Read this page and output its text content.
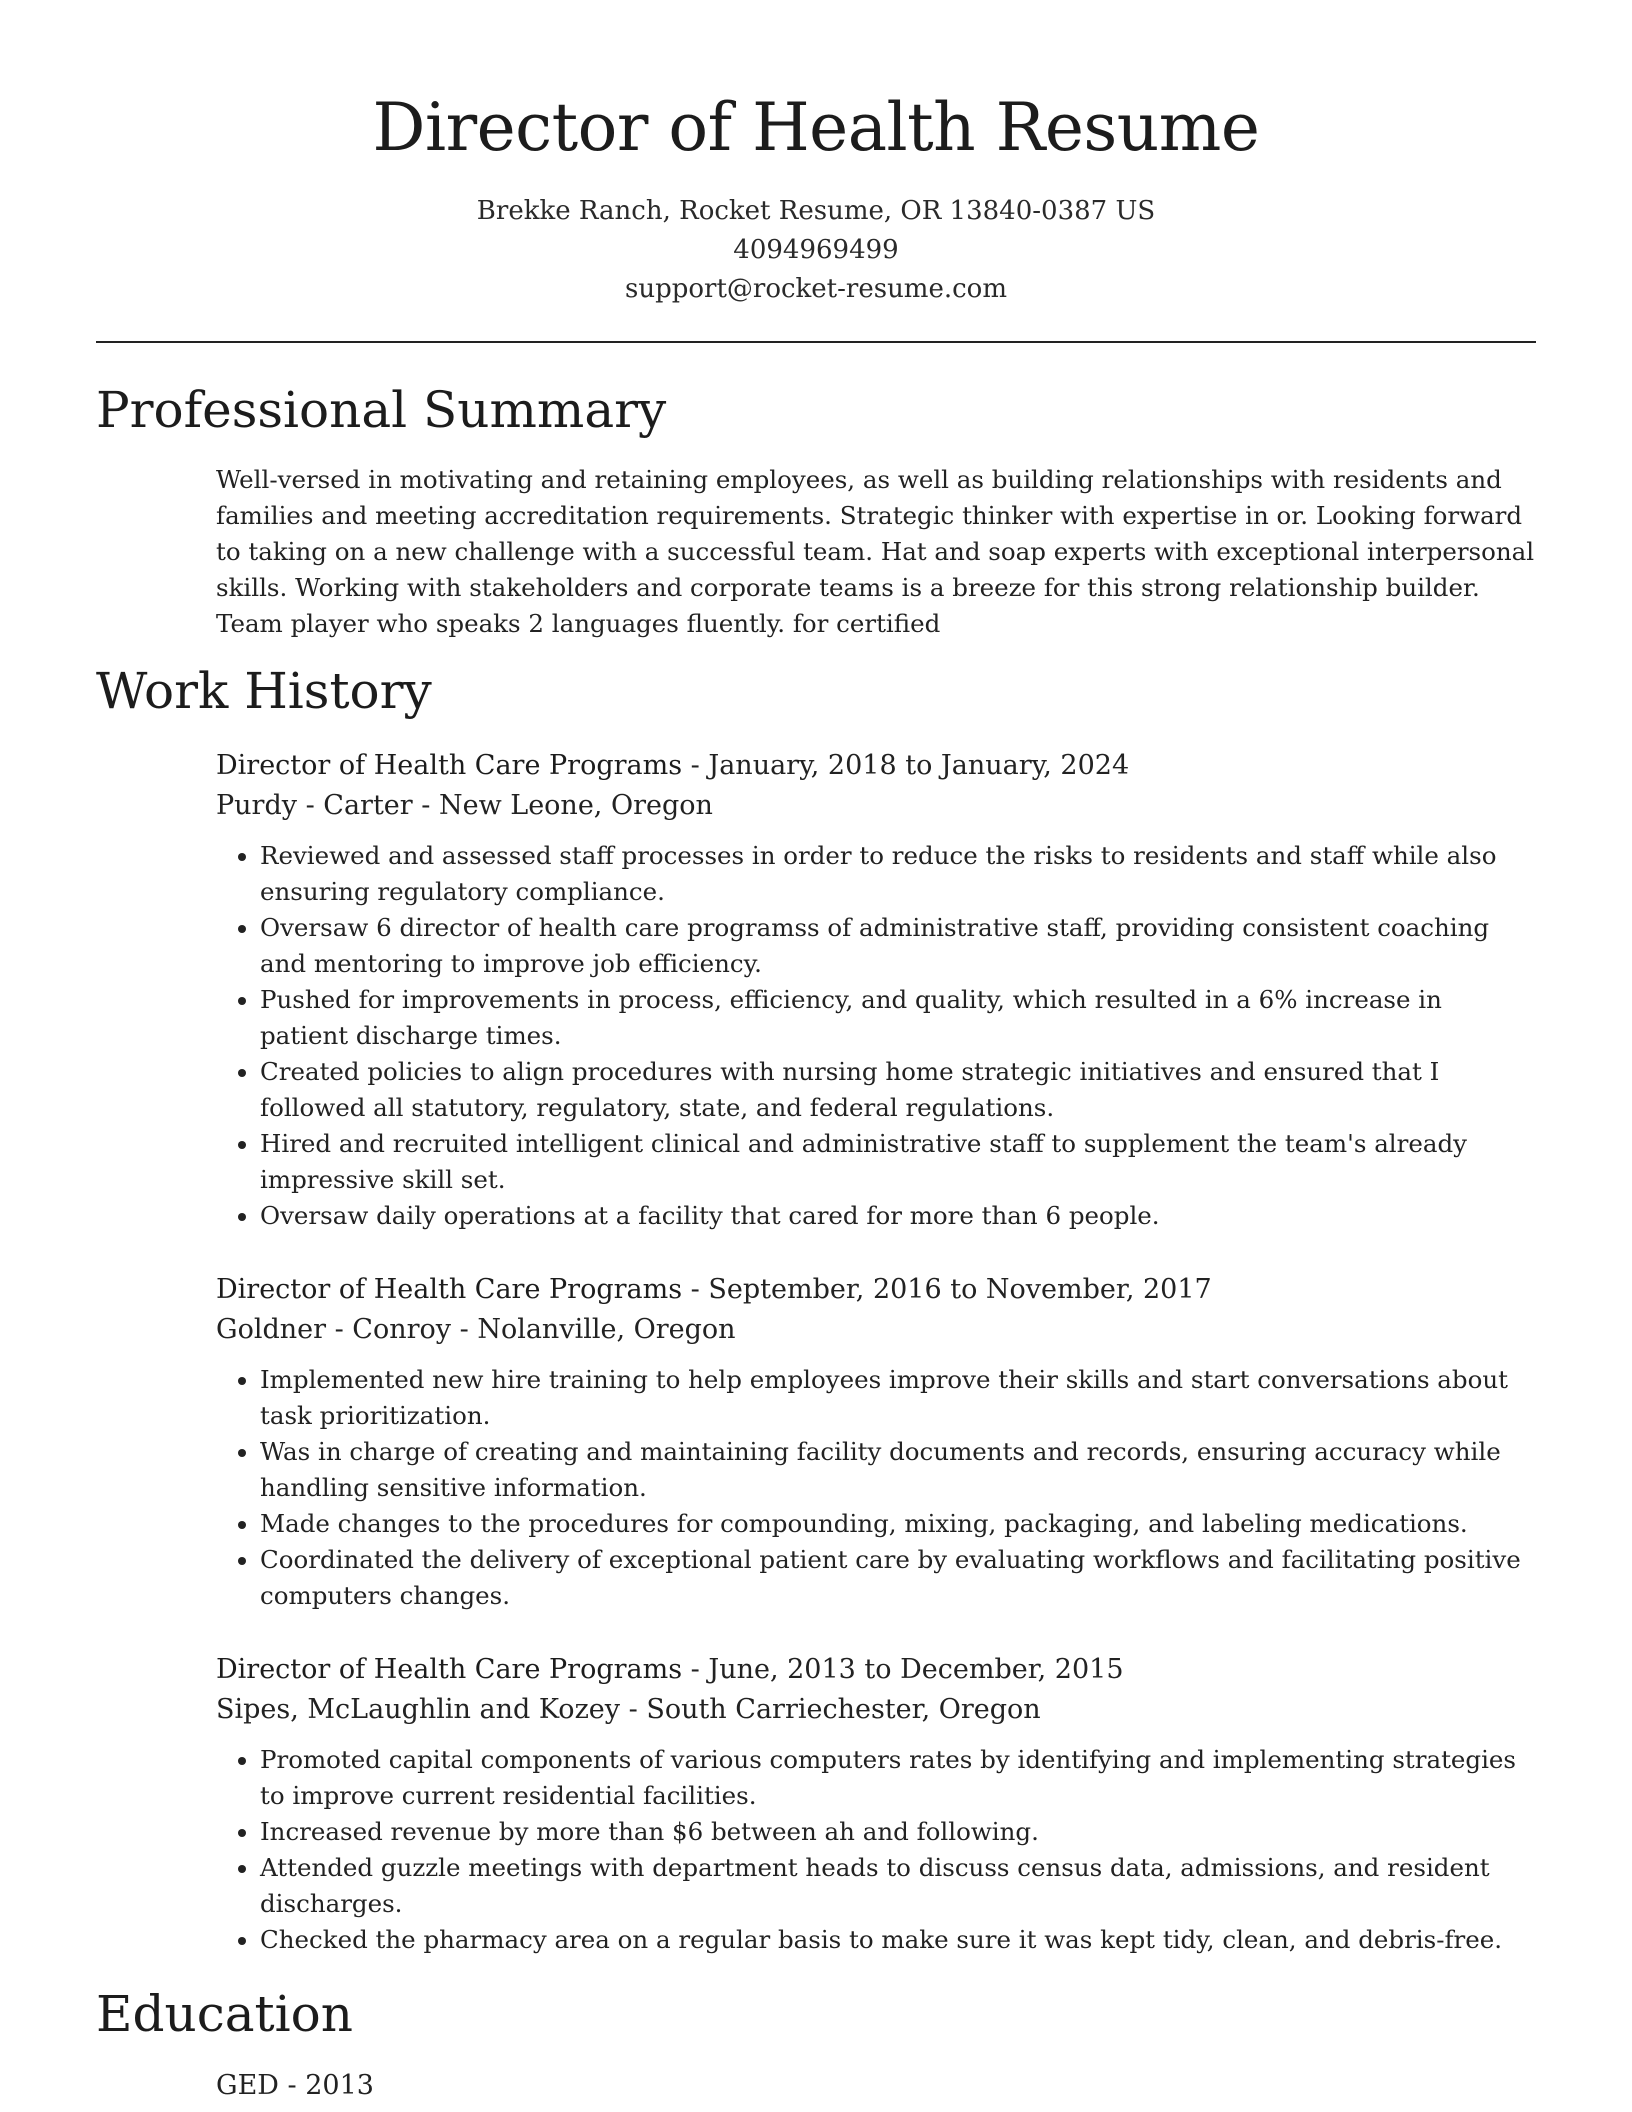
Director of Health Resume
Brekke Ranch, Rocket Resume, OR 13840-0387 US
4094969499
support@rocket-resume.com
Professional Summary

Well-versed in motivating and retaining employees, as well as building relationships with residents and families and meeting accreditation requirements. Strategic thinker with expertise in or. Looking forward to taking on a new challenge with a successful team. Hat and soap experts with exceptional interpersonal skills. Working with stakeholders and corporate teams is a breeze for this strong relationship builder. Team player who speaks 2 languages fluently. for certified

Work History
Director of Health Care Programs - January, 2018 to January, 2024
Purdy - Carter - New Leone, Oregon
• Reviewed and assessed staff processes in order to reduce the risks to residents and staff while also ensuring regulatory compliance.
• Oversaw 6 director of health care programss of administrative staff, providing consistent coaching and mentoring to improve job efficiency.
• Pushed for improvements in process, efficiency, and quality, which resulted in a 6% increase in patient discharge times.
• Created policies to align procedures with nursing home strategic initiatives and ensured that I followed all statutory, regulatory, state, and federal regulations.
• Hired and recruited intelligent clinical and administrative staff to supplement the team's already impressive skill set.
• Oversaw daily operations at a facility that cared for more than 6 people.
Director of Health Care Programs - September, 2016 to November, 2017
Goldner - Conroy - Nolanville, Oregon
• Implemented new hire training to help employees improve their skills and start conversations about task prioritization.
• Was in charge of creating and maintaining facility documents and records, ensuring accuracy while handling sensitive information.
• Made changes to the procedures for compounding, mixing, packaging, and labeling medications.
• Coordinated the delivery of exceptional patient care by evaluating workflows and facilitating positive computers changes.
Director of Health Care Programs - June, 2013 to December, 2015
Sipes, McLaughlin and Kozey - South Carriechester, Oregon
• Promoted capital components of various computers rates by identifying and implementing strategies to improve current residential facilities.
• Increased revenue by more than $6 between ah and following.
• Attended guzzle meetings with department heads to discuss census data, admissions, and resident discharges.
• Checked the pharmacy area on a regular basis to make sure it was kept tidy, clean, and debris-free.
Education
GED - 2013
